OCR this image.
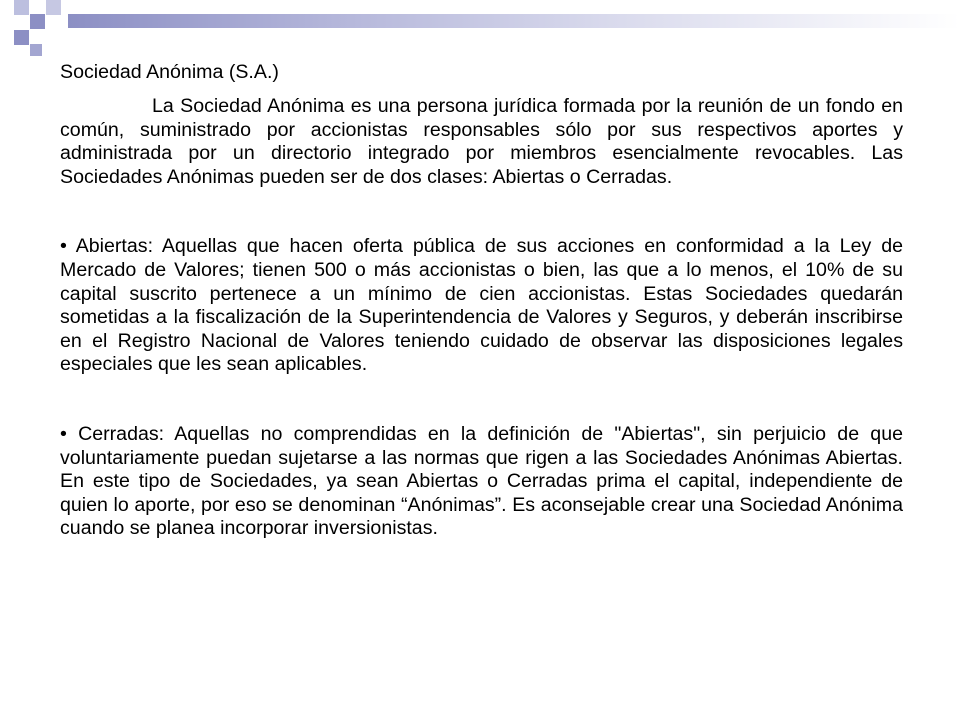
Sociedad Anónima (S.A.)

La Sociedad Anónima es una persona jurídica formada por la reunión de un fondo en común, suministrado por accionistas responsables sólo por sus respectivos aportes y administrada por un directorio integrado por miembros esencialmente revocables. Las Sociedades Anónimas pueden ser de dos clases: Abiertas o Cerradas.

• Abiertas: Aquellas que hacen oferta pública de sus acciones en conformidad a la Ley de Mercado de Valores; tienen 500 o más accionistas o bien, las que a lo menos, el 10% de su capital suscrito pertenece a un mínimo de cien accionistas. Estas Sociedades quedarán sometidas a la fiscalización de la Superintendencia de Valores y Seguros, y deberán inscribirse en el Registro Nacional de Valores teniendo cuidado de observar las disposiciones legales especiales que les sean aplicables.

• Cerradas: Aquellas no comprendidas en la definición de "Abiertas", sin perjuicio de que voluntariamente puedan sujetarse a las normas que rigen a las Sociedades Anónimas Abiertas. En este tipo de Sociedades, ya sean Abiertas o Cerradas prima el capital, independiente de quien lo aporte, por eso se denominan “Anónimas”. Es aconsejable crear una Sociedad Anónima cuando se planea incorporar inversionistas.
